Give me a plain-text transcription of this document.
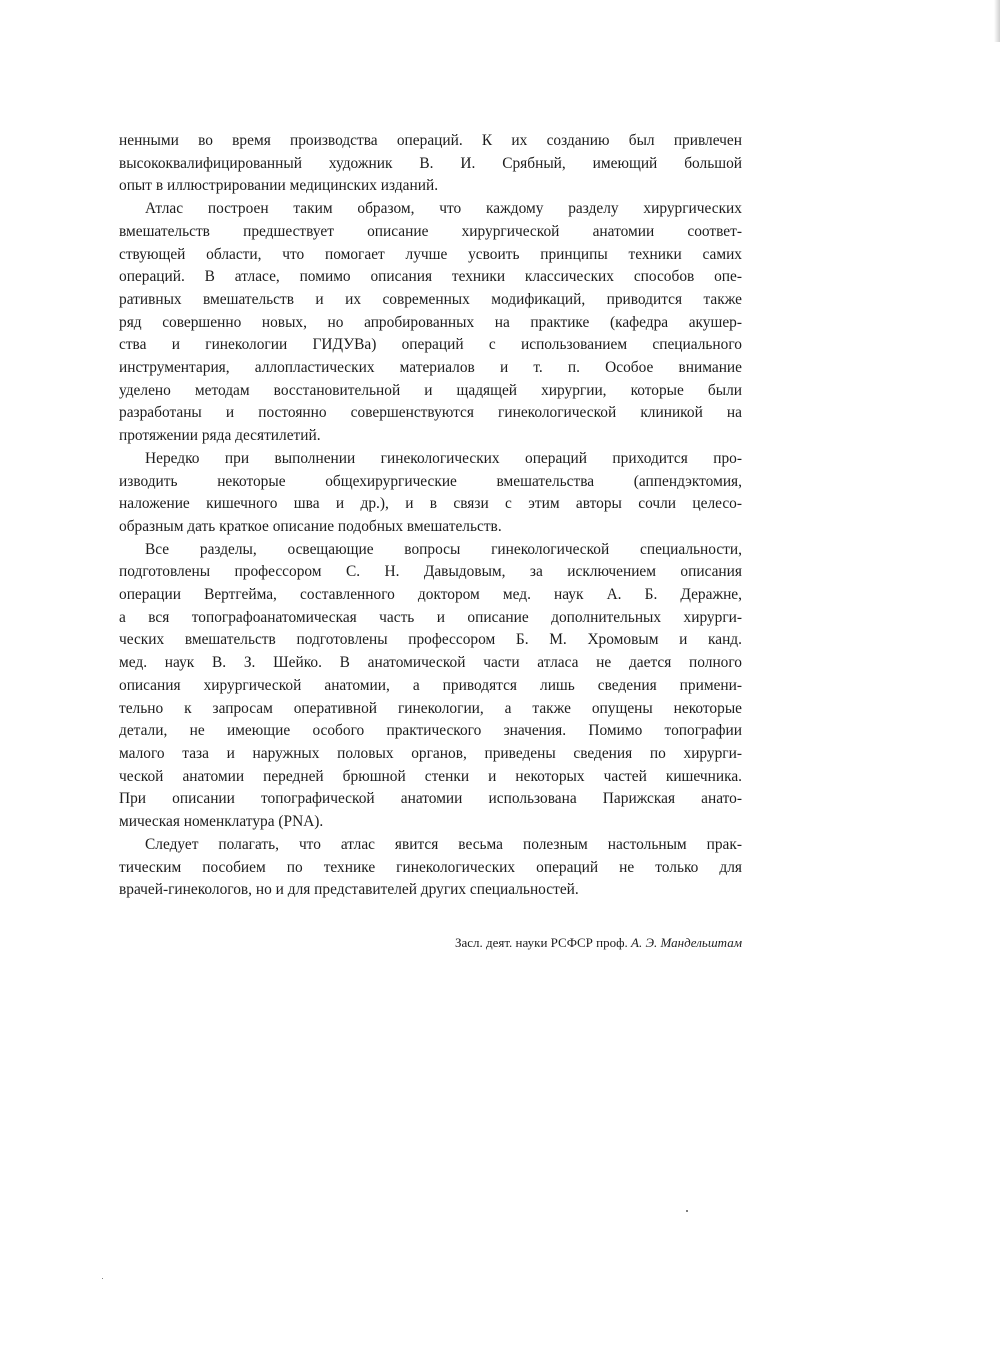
ненными во время производства операций. К их созданию был привлечен
высококвалифицированный художник В. И. Срябный, имеющий большой
опыт в иллюстрировании медицинских изданий.

Атлас построен таким образом, что каждому разделу хирургических
вмешательств предшествует описание хирургической анатомии соответ-
ствующей области, что помогает лучше усвоить принципы техники самих
операций. В атласе, помимо описания техники классических способов опе-
ративных вмешательств и их современных модификаций, приводится также
ряд совершенно новых, но апробированных на практике (кафедра акушер-
ства и гинекологии ГИДУВа) операций с использованием специального
инструментария, аллопластических материалов и т. п. Особое внимание
уделено методам восстановительной и щадящей хирургии, которые были
разработаны и постоянно совершенствуются гинекологической клиникой на
протяжении ряда десятилетий.

Нередко при выполнении гинекологических операций приходится про-
изводить некоторые общехирургические вмешательства (аппендэктомия,
наложение кишечного шва и др.), и в связи с этим авторы сочли целесо-
образным дать краткое описание подобных вмешательств.

Все разделы, освещающие вопросы гинекологической специальности,
подготовлены профессором С. Н. Давыдовым, за исключением описания
операции Вертгейма, составленного доктором мед. наук А. Б. Деражне,
а вся топографоанатомическая часть и описание дополнительных хирурги-
ческих вмешательств подготовлены профессором Б. М. Хромовым и канд.
мед. наук В. З. Шейко. В анатомической части атласа не дается полного
описания хирургической анатомии, а приводятся лишь сведения примени-
тельно к запросам оперативной гинекологии, а также опущены некоторые
детали, не имеющие особого практического значения. Помимо топографии
малого таза и наружных половых органов, приведены сведения по хирурги-
ческой анатомии передней брюшной стенки и некоторых частей кишечника.
При описании топографической анатомии использована Парижская анато-
мическая номенклатура (PNA).

Следует полагать, что атлас явится весьма полезным настольным прак-
тическим пособием по технике гинекологических операций не только для
врачей-гинекологов, но и для представителей других специальностей.

Засл. деят. науки РСФСР проф. А. Э. Мандельштам
